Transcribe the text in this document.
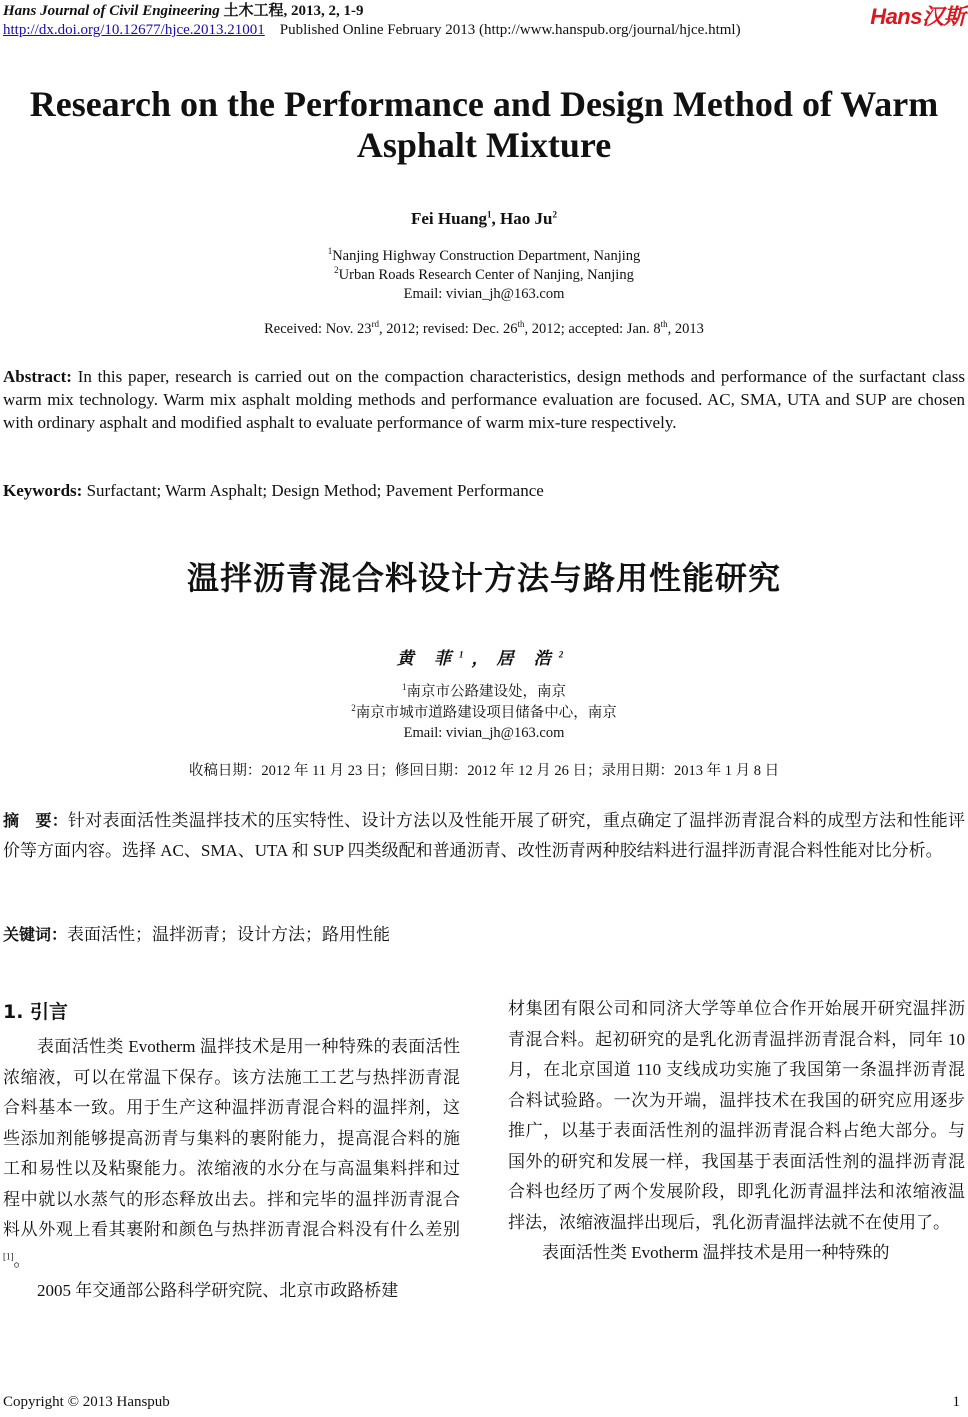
Hans Journal of Civil Engineering 土木工程, 2013, 2, 1-9
http://dx.doi.org/10.12677/hjce.2013.21001 Published Online February 2013 (http://www.hanspub.org/journal/hjce.html)
Hans汉斯
Research on the Performance and Design Method of Warm Asphalt Mixture
Fei Huang$^1$, Hao Ju$^2$
$^1$Nanjing Highway Construction Department, Nanjing
$^2$Urban Roads Research Center of Nanjing, Nanjing
Email: vivian_jh@163.com
Received: Nov. 23rd, 2012; revised: Dec. 26th, 2012; accepted: Jan. 8th, 2013
Abstract: In this paper, research is carried out on the compaction characteristics, design methods and performance of the surfactant class warm mix technology. Warm mix asphalt molding methods and performance evaluation are focused. AC, SMA, UTA and SUP are chosen with ordinary asphalt and modified asphalt to evaluate performance of warm mix-ture respectively.
Keywords: Surfactant; Warm Asphalt; Design Method; Pavement Performance
温拌沥青混合料设计方法与路用性能研究
黄 菲$^1$，居 浩$^2$
$^1$南京市公路建设处，南京
$^2$南京市城市道路建设项目储备中心，南京
Email: vivian_jh@163.com
收稿日期：2012 年 11 月 23 日；修回日期：2012 年 12 月 26 日；录用日期：2013 年 1 月 8 日
摘　要：针对表面活性类温拌技术的压实特性、设计方法以及性能开展了研究，重点确定了温拌沥青混合料的成型方法和性能评价等方面内容。选择 AC、SMA、UTA 和 SUP 四类级配和普通沥青、改性沥青两种胶结料进行温拌沥青混合料性能对比分析。
关键词：表面活性；温拌沥青；设计方法；路用性能
1. 引言

表面活性类 Evotherm 温拌技术是用一种特殊的表面活性浓缩液，可以在常温下保存。该方法施工工艺与热拌沥青混合料基本一致。用于生产这种温拌沥青混合料的温拌剂，这些添加剂能够提高沥青与集料的裹附能力，提高混合料的施工和易性以及粘聚能力。浓缩液的水分在与高温集料拌和过程中就以水蒸气的形态释放出去。拌和完毕的温拌沥青混合料从外观上看其裹附和颜色与热拌沥青混合料没有什么差别[1]。

2005 年交通部公路科学研究院、北京市政路桥建

材集团有限公司和同济大学等单位合作开始展开研究温拌沥青混合料。起初研究的是乳化沥青温拌沥青混合料，同年 10 月，在北京国道 110 支线成功实施了我国第一条温拌沥青混合料试验路。一次为开端，温拌技术在我国的研究应用逐步推广，以基于表面活性剂的温拌沥青混合料占绝大部分。与国外的研究和发展一样，我国基于表面活性剂的温拌沥青混合料也经历了两个发展阶段，即乳化沥青温拌法和浓缩液温拌法，浓缩液温拌出现后，乳化沥青温拌法就不在使用了。

表面活性类 Evotherm 温拌技术是用一种特殊的

Copyright © 2013 Hanspub	1
